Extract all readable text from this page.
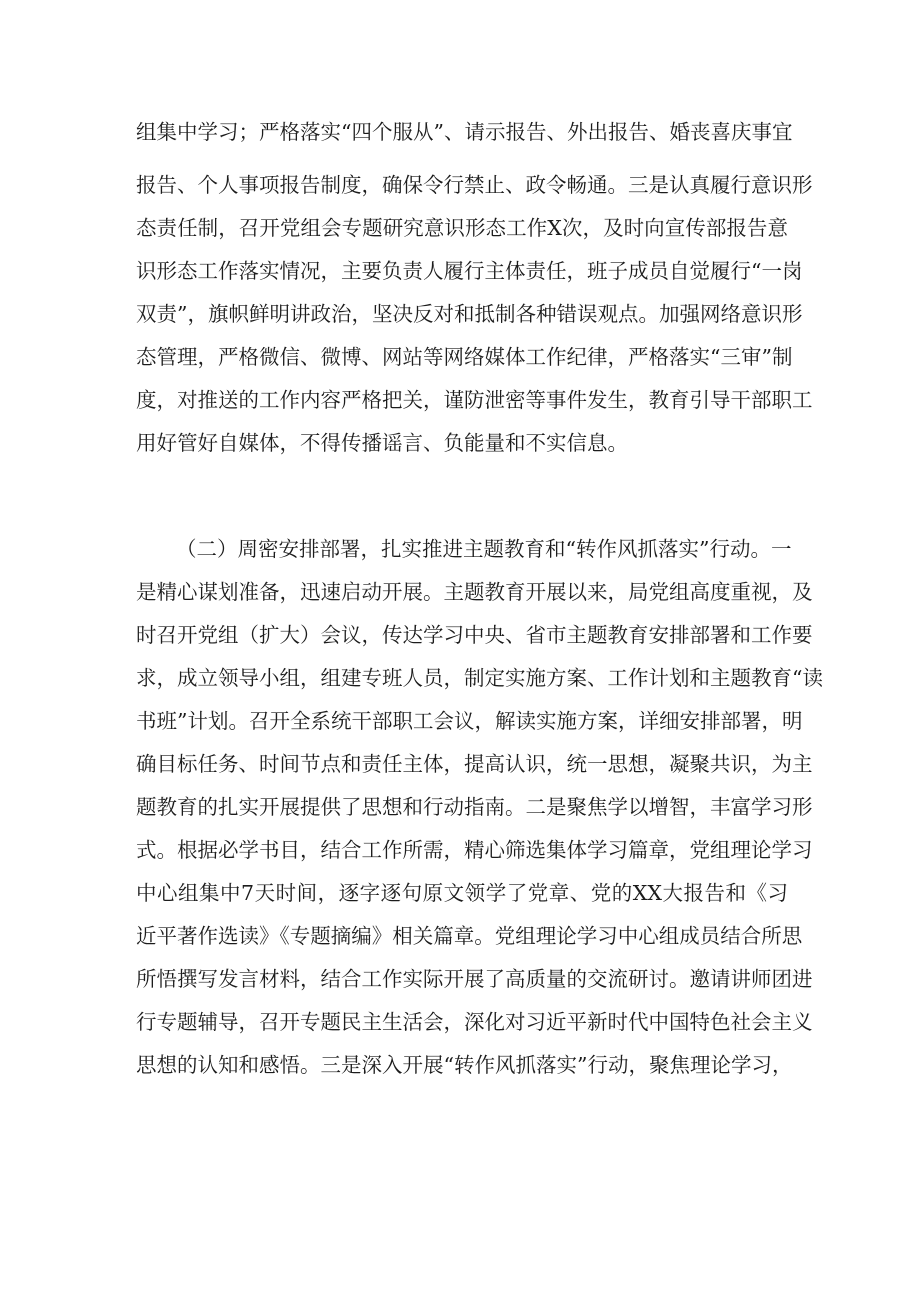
组集中学习；严格落实“四个服从”、请示报告、外出报告、婚丧喜庆事宜
报告、个人事项报告制度，确保令行禁止、政令畅通。三是认真履行意识形
态责任制，召开党组会专题研究意识形态工作X次，及时向宣传部报告意
识形态工作落实情况，主要负责人履行主体责任，班子成员自觉履行“一岗
双责”，旗帜鲜明讲政治，坚决反对和抵制各种错误观点。加强网络意识形
态管理，严格微信、微博、网站等网络媒体工作纪律，严格落实“三审”制
度，对推送的工作内容严格把关，谨防泄密等事件发生，教育引导干部职工
用好管好自媒体，不得传播谣言、负能量和不实信息。
（二）周密安排部署，扎实推进主题教育和“转作风抓落实”行动。一
是精心谋划准备，迅速启动开展。主题教育开展以来，局党组高度重视，及
时召开党组（扩大）会议，传达学习中央、省市主题教育安排部署和工作要
求，成立领导小组，组建专班人员，制定实施方案、工作计划和主题教育“读
书班”计划。召开全系统干部职工会议，解读实施方案，详细安排部署，明
确目标任务、时间节点和责任主体，提高认识，统一思想，凝聚共识，为主
题教育的扎实开展提供了思想和行动指南。二是聚焦学以增智，丰富学习形
式。根据必学书目，结合工作所需，精心筛选集体学习篇章，党组理论学习
中心组集中7天时间，逐字逐句原文领学了党章、党的XX大报告和《习
近平著作选读》《专题摘编》相关篇章。党组理论学习中心组成员结合所思
所悟撰写发言材料，结合工作实际开展了高质量的交流研讨。邀请讲师团进
行专题辅导，召开专题民主生活会，深化对习近平新时代中国特色社会主义
思想的认知和感悟。三是深入开展“转作风抓落实”行动，聚焦理论学习，
